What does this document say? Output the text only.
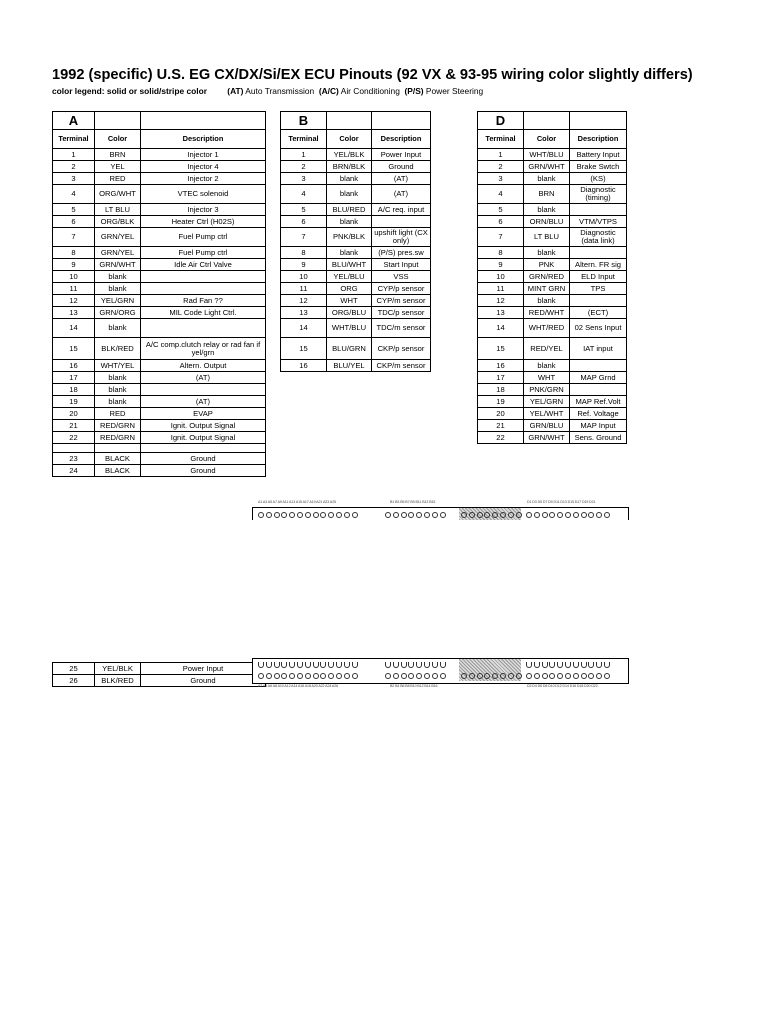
1992 (specific) U.S. EG CX/DX/Si/EX ECU Pinouts (92 VX & 93-95 wiring color slightly differs)
color legend: solid or solid/stripe color (AT) Auto Transmission (A/C) Air Conditioning (P/S) Power Steering
A		
Terminal	Color	Description
1	BRN	Injector 1
2	YEL	Injector 4
3	RED	Injector 2
4	ORG/WHT	VTEC solenoid
5	LT BLU	Injector 3
6	ORG/BLK	Heater Ctrl (H02S)
7	GRN/YEL	Fuel Pump ctrl
8	GRN/YEL	Fuel Pump ctrl
9	GRN/WHT	Idle Air Ctrl Valve
10	blank	
11	blank	
12	YEL/GRN	Rad Fan ??
13	GRN/ORG	MIL Code Light Ctrl.
14	blank	
15	BLK/RED	A/C comp.clutch relay or rad fan if yel/grn
16	WHT/YEL	Altern. Output
17	blank	(AT)
18	blank	
19	blank	(AT)
20	RED	EVAP
21	RED/GRN	Ignit. Output Signal
22	RED/GRN	Ignit. Output Signal

23	BLACK	Ground
24	BLACK	Ground
25	YEL/BLK	Power Input
26	BLK/RED	Ground
B		
Terminal	Color	Description
1	YEL/BLK	Power Input
2	BRN/BLK	Ground
3	blank	(AT)
4	blank	(AT)
5	BLU/RED	A/C req. input
6	blank	
7	PNK/BLK	upshift light (CX only)
8	blank	(P/S) pres.sw
9	BLU/WHT	Start Input
10	YEL/BLU	VSS
11	ORG	CYP/p sensor
12	WHT	CYP/m sensor
13	ORG/BLU	TDC/p sensor
14	WHT/BLU	TDC/m sensor
15	BLU/GRN	CKP/p sensor
16	BLU/YEL	CKP/m sensor
D		
Terminal	Color	Description
1	WHT/BLU	Battery Input
2	GRN/WHT	Brake Swtch
3	blank	(KS)
4	BRN	Diagnostic (timing)
5	blank	
6	ORN/BLU	VTM/VTPS
7	LT BLU	Diagnostic (data link)
8	blank	
9	PNK	Altern. FR sig
10	GRN/RED	ELD Input
11	MINT GRN	TPS
12	blank	
13	RED/WHT	(ECT)
14	WHT/RED	02 Sens Input
15	RED/YEL	IAT input
16	blank	
17	WHT	MAP Grnd
18	PNK/GRN	
19	YEL/GRN	MAP Ref.Volt
20	YEL/WHT	Ref. Voltage
21	GRN/BLU	MAP Input
22	GRN/WHT	Sens. Ground
A1 A3 A5 A7 A9 A11 A13 A15 A17 A19 A21 A23 A25	B1 B3 B5 B7 B9 B11 B13 B15	D1 D3 D5 D7 D9 D11 D13 D15 D17 D19 D21
A2 A4 A6 A8 A10 A12 A14 A16 A18 A20 A22 A24 A26	B2 B4 B6 B8 B10 B12 B14 B16	D2 D4 D6 D8 D10 D12 D14 D16 D18 D20 D22
